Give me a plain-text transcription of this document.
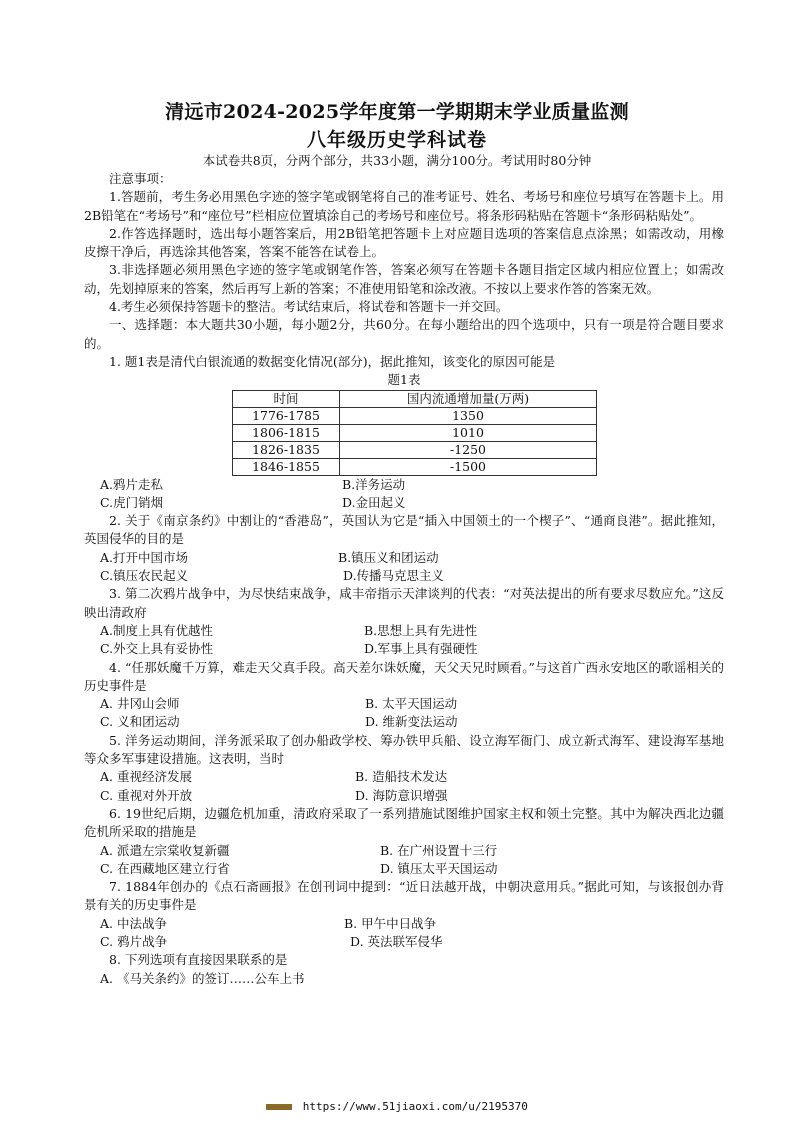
清远市2024-2025学年度第一学期期末学业质量监测
八年级历史学科试卷
本试卷共8页，分两个部分，共33小题，满分100分。考试用时80分钟

注意事项：

1.答题前，考生务必用黑色字迹的签字笔或钢笔将自己的准考证号、姓名、考场号和座位号填写在答题卡上。用2B铅笔在“考场号”和“座位号”栏相应位置填涂自己的考场号和座位号。将条形码粘贴在答题卡“条形码粘贴处”。

2.作答选择题时，选出每小题答案后，用2B铅笔把答题卡上对应题目选项的答案信息点涂黑；如需改动，用橡皮擦干净后，再选涂其他答案，答案不能答在试卷上。

3.非选择题必须用黑色字迹的签字笔或钢笔作答，答案必须写在答题卡各题目指定区域内相应位置上；如需改动，先划掉原来的答案，然后再写上新的答案；不准使用铅笔和涂改液。不按以上要求作答的答案无效。

4.考生必须保持答题卡的整洁。考试结束后，将试卷和答题卡一并交回。

一、选择题：本大题共30小题，每小题2分，共60分。在每小题给出的四个选项中，只有一项是符合题目要求的。

1. 题1表是清代白银流通的数据变化情况(部分)，据此推知，该变化的原因可能是

题1表

时间	国内流通增加量(万两)
1776-1785	1350
1806-1815	1010
1826-1835	-1250
1846-1855	-1500
A.鸦片走私	B.洋务运动
C.虎门销烟	D.金田起义

2. 关于《南京条约》中割让的“香港岛”，英国认为它是“插入中国领土的一个楔子”、“通商良港”。据此推知，英国侵华的目的是

A.打开中国市场	B.镇压义和团运动
C.镇压农民起义	D.传播马克思主义

3. 第二次鸦片战争中，为尽快结束战争，咸丰帝指示天津谈判的代表：“对英法提出的所有要求尽数应允。”这反映出清政府

A.制度上具有优越性	B.思想上具有先进性
C.外交上具有妥协性	D.军事上具有强硬性

4. “任那妖魔千万算，难走天父真手段。高天差尔诛妖魔，天父天兄时顾看。”与这首广西永安地区的歌谣相关的历史事件是

A. 井冈山会师	B. 太平天国运动
C. 义和团运动	D. 维新变法运动

5. 洋务运动期间，洋务派采取了创办船政学校、筹办铁甲兵船、设立海军衙门、成立新式海军、建设海军基地等众多军事建设措施。这表明，当时

A. 重视经济发展	B. 造船技术发达
C. 重视对外开放	D. 海防意识增强

6. 19世纪后期，边疆危机加重，清政府采取了一系列措施试图维护国家主权和领土完整。其中为解决西北边疆危机所采取的措施是

A. 派遣左宗棠收复新疆	B. 在广州设置十三行
C. 在西藏地区建立行省	D. 镇压太平天国运动

7. 1884年创办的《点石斋画报》在创刊词中提到：“近日法越开战，中朝决意用兵。”据此可知，与该报创办背景有关的历史事件是

A. 中法战争	B. 甲午中日战争
C. 鸦片战争	D. 英法联军侵华

8. 下列选项有直接因果联系的是

A. 《马关条约》的签订……公车上书
https://www.51jiaoxi.com/u/2195370
